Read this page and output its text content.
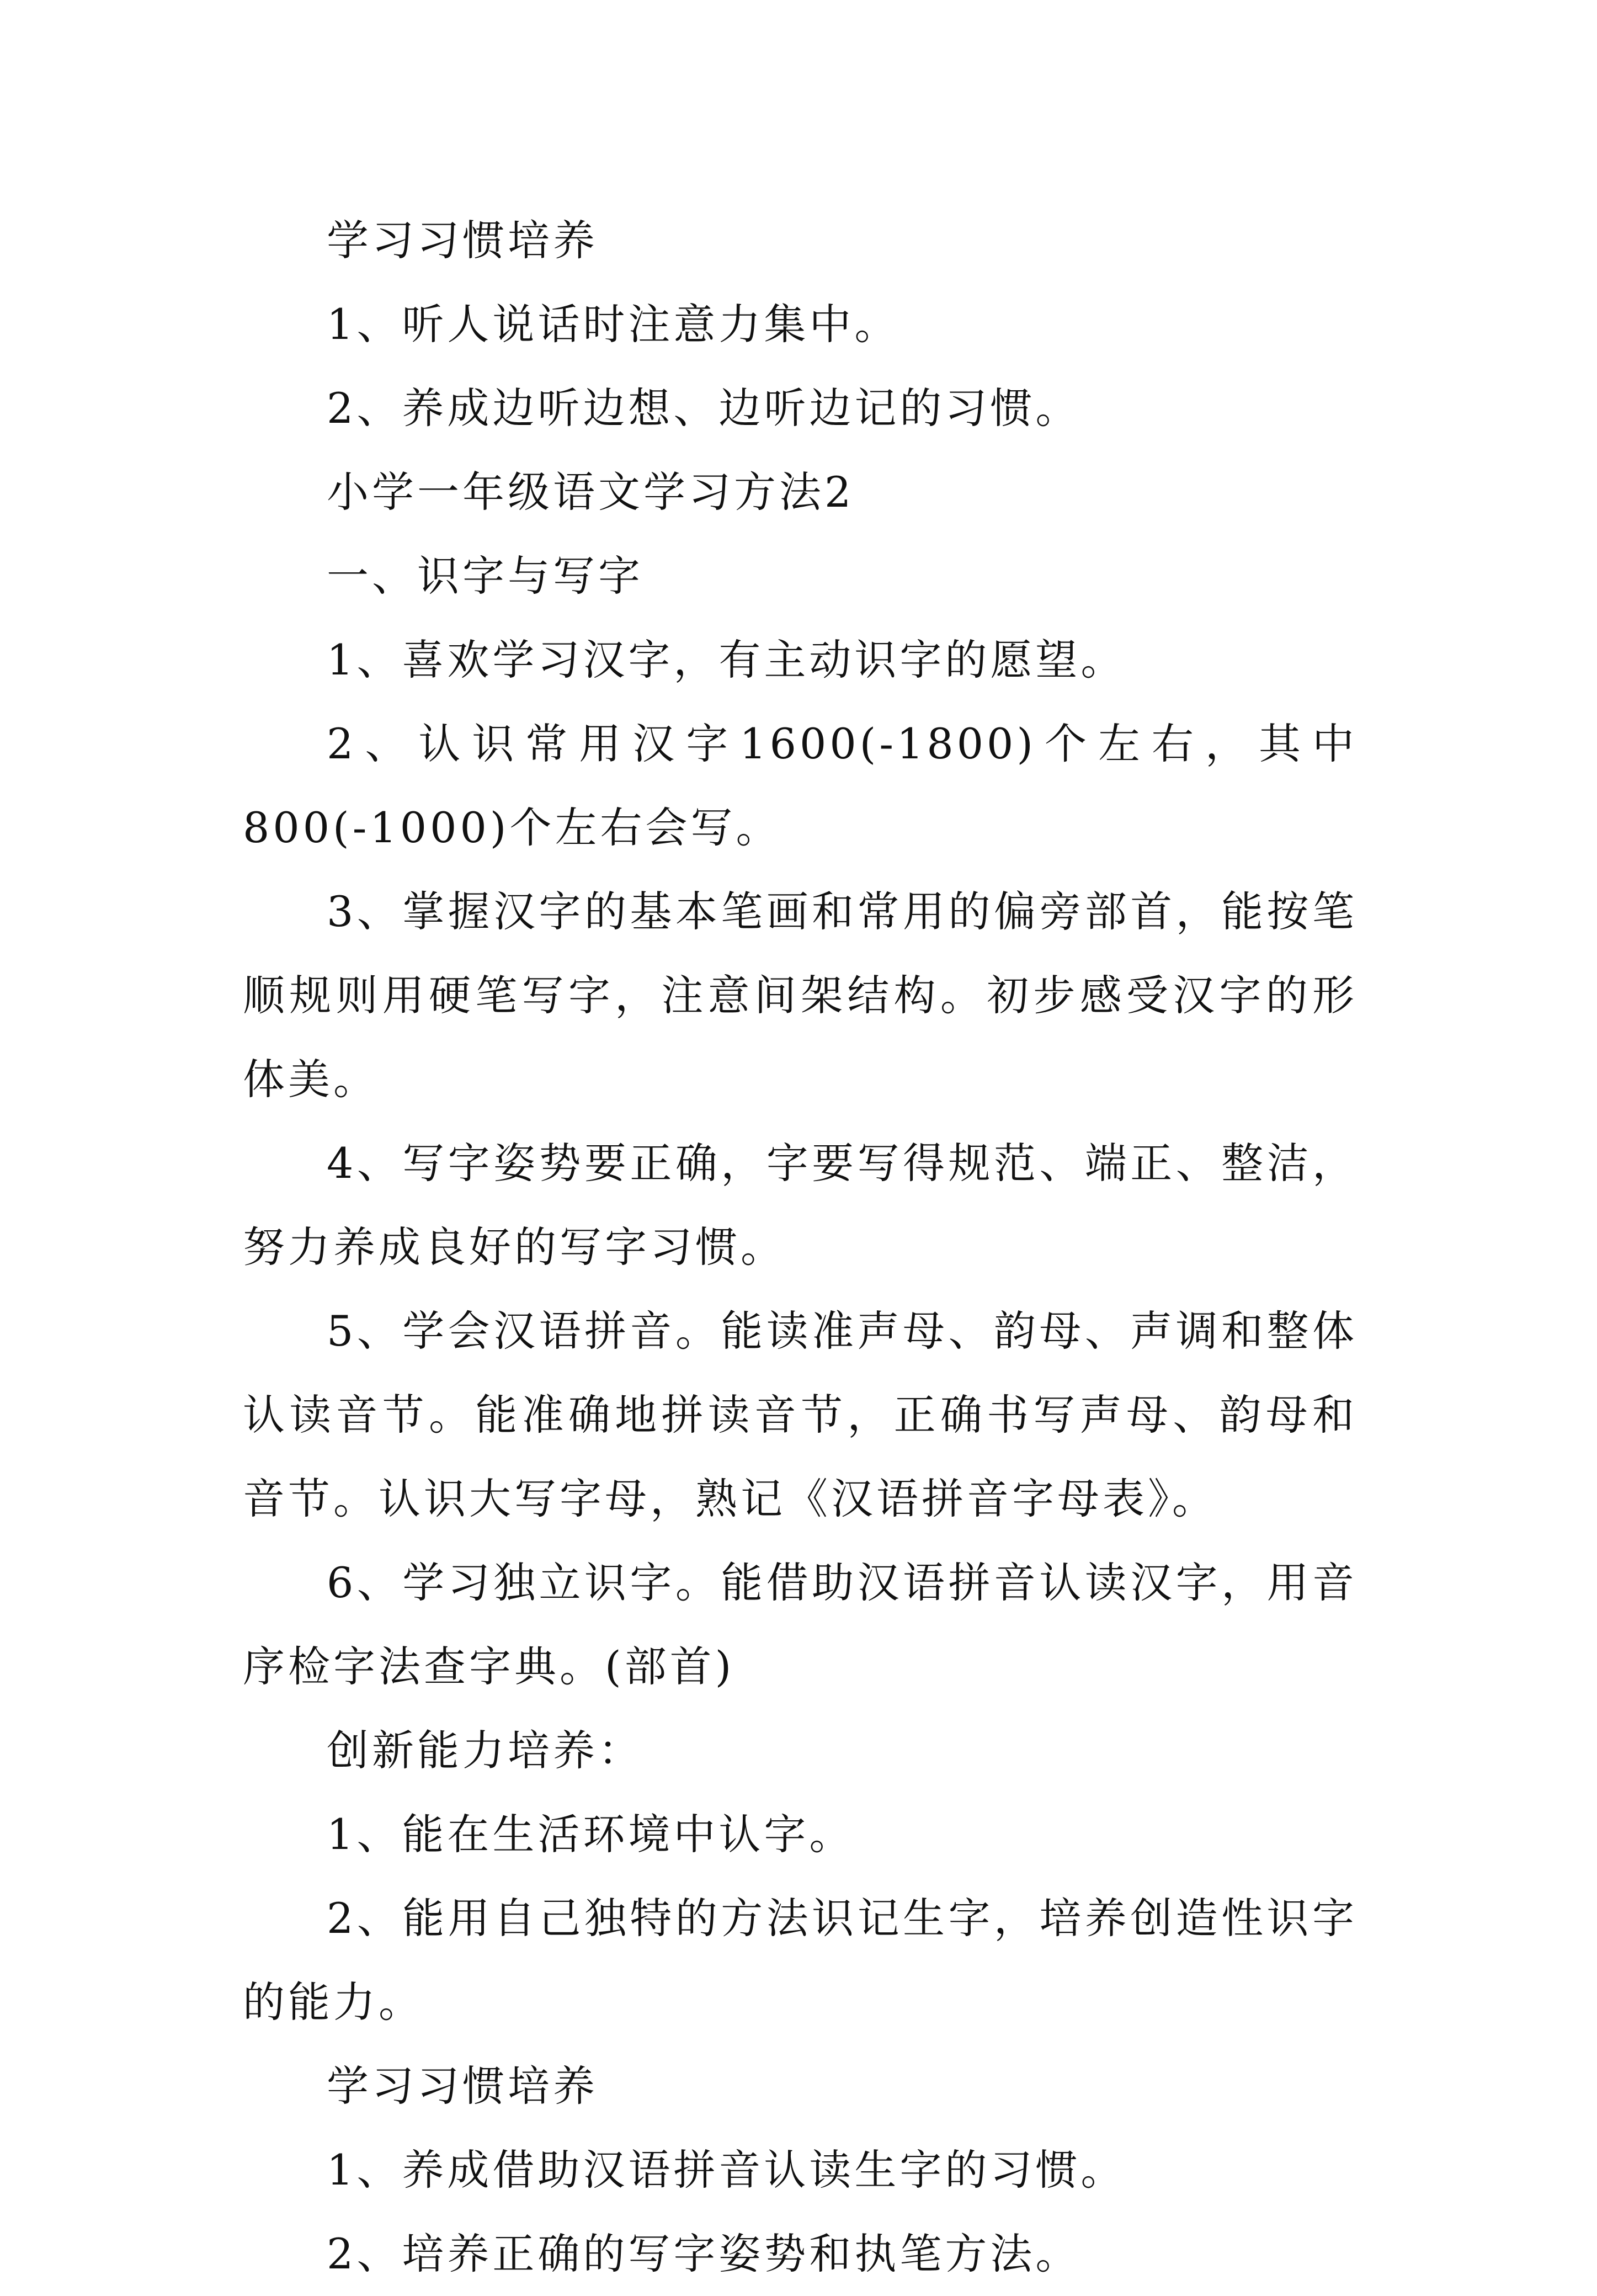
学习习惯培养

1、听人说话时注意力集中。

2、养成边听边想、边听边记的习惯。

小学一年级语文学习方法2

一、识字与写字

1、喜欢学习汉字，有主动识字的愿望。

2、认识常用汉字1600(-1800)个左右，其中800(-1000)个左右会写。

3、掌握汉字的基本笔画和常用的偏旁部首，能按笔顺规则用硬笔写字，注意间架结构。初步感受汉字的形体美。

4、写字姿势要正确，字要写得规范、端正、整洁，努力养成良好的写字习惯。

5、学会汉语拼音。能读准声母、韵母、声调和整体认读音节。能准确地拼读音节，正确书写声母、韵母和音节。认识大写字母，熟记《汉语拼音字母表》。

6、学习独立识字。能借助汉语拼音认读汉字，用音序检字法查字典。(部首)

创新能力培养：

1、能在生活环境中认字。

2、能用自己独特的方法识记生字，培养创造性识字的能力。

学习习惯培养

1、养成借助汉语拼音认读生字的习惯。

2、培养正确的写字姿势和执笔方法。
